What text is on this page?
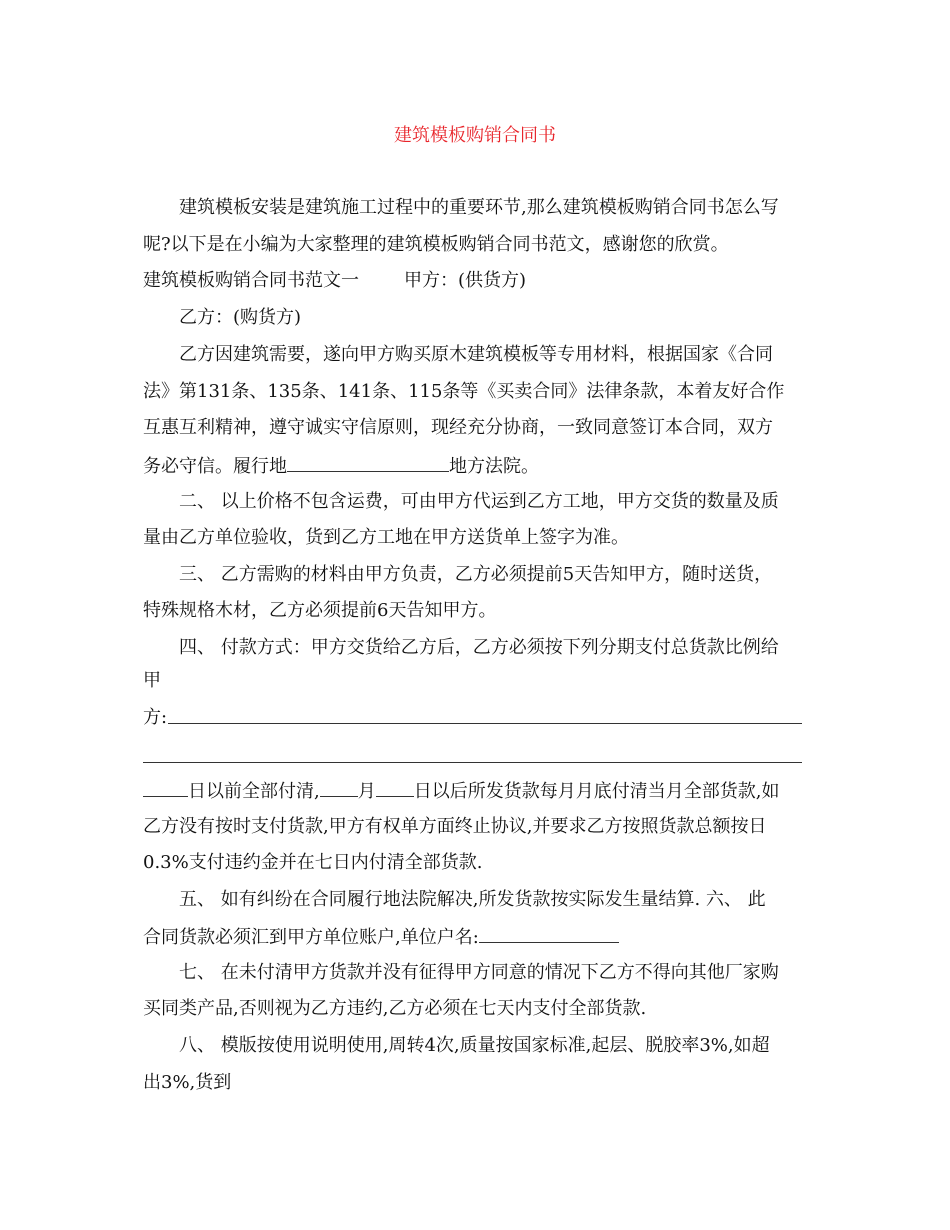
建筑模板购销合同书
建筑模板安装是建筑施工过程中的重要环节,那么建筑模板购销合同书怎么写
呢?以下是在小编为大家整理的建筑模板购销合同书范文，感谢您的欣赏。
建筑模板购销合同书范文一	甲方：(供货方)
乙方：(购货方)
乙方因建筑需要，遂向甲方购买原木建筑模板等专用材料，根据国家《合同
法》第131条、135条、141条、115条等《买卖合同》法律条款，本着友好合作
互惠互利精神，遵守诚实守信原则，现经充分协商，一致同意签订本合同，双方
务必守信。履行地	地方法院。
二、 以上价格不包含运费，可由甲方代运到乙方工地，甲方交货的数量及质
量由乙方单位验收，货到乙方工地在甲方送货单上签字为准。
三、 乙方需购的材料由甲方负责，乙方必须提前5天告知甲方，随时送货，
特殊规格木材，乙方必须提前6天告知甲方。
四、 付款方式：甲方交货给乙方后，乙方必须按下列分期支付总货款比例给
甲
方:
日以前全部付清, 月 日以后所发货款每月月底付清当月全部货款,如
乙方没有按时支付货款,甲方有权单方面终止协议,并要求乙方按照货款总额按日
0.3%支付违约金并在七日内付清全部货款.
五、 如有纠纷在合同履行地法院解决,所发货款按实际发生量结算. 六、 此
合同货款必须汇到甲方单位账户,单位户名:
七、 在未付清甲方货款并没有征得甲方同意的情况下乙方不得向其他厂家购
买同类产品,否则视为乙方违约,乙方必须在七天内支付全部货款.
八、 模版按使用说明使用,周转4次,质量按国家标准,起层、脱胶率3%,如超
出3%,货到
